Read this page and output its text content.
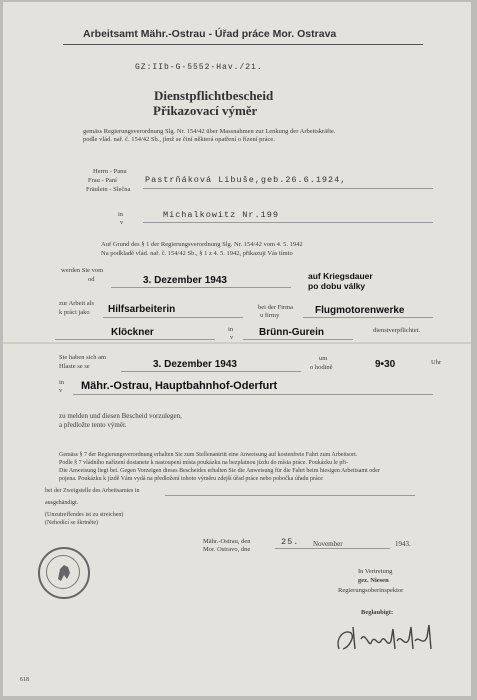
Arbeitsamt Mähr.-Ostrau - Úřad práce Mor. Ostrava
GZ:IIb-G-5552-Hav./21.
Dienstpflichtbescheid
Přikazovací výměr
gemäss Regierungsverordnung Slg. Nr. 154/42 über Massnahmen zur Lenkung der Arbeitskräfte.
podle vlád. nař. č. 154/42 Sb., jímž se činí některá opatření o řízení práce.
Herrn - Panu
Frau - Paní
Fräulein - Slečna
Pastrňáková Libuše,geb.26.6.1924,
in
v
Michalkowitz Nr.199
Auf Grund des § 1 der Regierungsverordnung Slg. Nr. 154/42 vom 4. 5. 1942
Na podkladě vlád. nař. č. 154/42 Sb., § 1 z 4. 5. 1942, přikazuji Vás tímto
werden Sie vom
od	3. Dezember 1943	auf Kriegsdauer
po dobu války
zur Arbeit als
k práci jako Hilfsarbeiterin	bei der Firma
u firmy	Flugmotorenwerke
Klöckner	in
v	Brünn-Gurein	dienstverpflichtet.
Sie haben sich am
Hlaste se se	3. Dezember 1943
um
o hodině	9•30	Uhr
in
v Mähr.-Ostrau, Hauptbahnhof-Oderfurt
zu melden und diesen Bescheid vorzulegen,
a předložte tento výměr.
Gemäss § 7 der Regierungsverordnung erhalten Sie zum Stellenantritt eine Anweisung auf kostenfreie Fahrt zum Arbeitsort.
Podle § 7 vládního nařízení dostanete k nastoupení místa poukázku na bezplatnou jízdu do místa práce. Poukázku le při-
Die Anweisung liegt bei. Gegen Vorzeigen dieses Bescheides erhalten Sie die Anweisung für die Fahrt beim hiesigen Arbeitsamt oder
pojena. Poukázku k jízdě Vám vydá na předložení tohoto výměru zdejší úřad práce nebo pobočka úřadu práce
bei der Zweigstelle des Arbeitsamtes in
ausgehändigt.
(Unzutreffendes ist zu streichen)
(Nehodící se škrtněte)
Mähr.-Ostrau, den
Mor. Ostravo, dne
25. November	1943.
In Vertretung
gez. Niesen
Regierungsoberinspektor
Beglaubigt:
618
